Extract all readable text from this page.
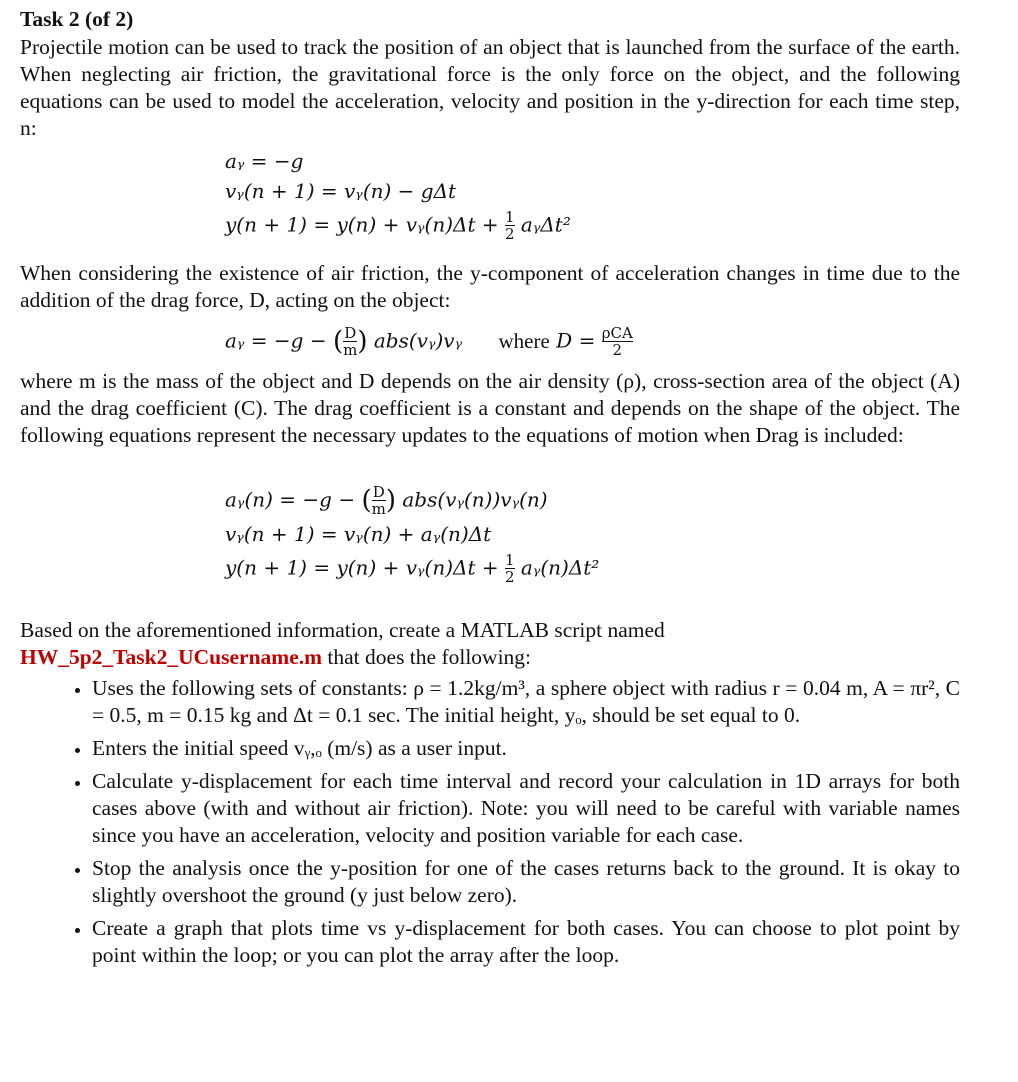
Task 2 (of 2)

Projectile motion can be used to track the position of an object that is launched from the surface of the earth. When neglecting air friction, the gravitational force is the only force on the object, and the following equations can be used to model the acceleration, velocity and position in the y-direction for each time step, n:

aᵧ = −g
vᵧ(n + 1) = vᵧ(n) − gΔt
y(n + 1) = y(n) + vᵧ(n)Δt + $\frac{1}{2}$ aᵧΔt²

When considering the existence of air friction, the y-component of acceleration changes in time due to the addition of the drag force, D, acting on the object:

aᵧ = −g − ( $\frac{D}{m}$ ) abs(vᵧ)vᵧ where $D = \frac{\text{ρCA}}{2}$

where m is the mass of the object and D depends on the air density (ρ), cross-section area of the object (A) and the drag coefficient (C). The drag coefficient is a constant and depends on the shape of the object. The following equations represent the necessary updates to the equations of motion when Drag is included:

aᵧ(n) = −g − ( $\frac{D}{m}$ ) abs(vᵧ(n))vᵧ(n)
vᵧ(n + 1) = vᵧ(n) + aᵧ(n)Δt
y(n + 1) = y(n) + vᵧ(n)Δt + $\frac{1}{2}$ aᵧ(n)Δt²

Based on the aforementioned information, create a MATLAB script named
HW_5p2_Task2_UCusername.m that does the following:

• Uses the following sets of constants: ρ = 1.2kg/m³, a sphere object with radius r = 0.04 m, A = πr², C = 0.5, m = 0.15 kg and Δt = 0.1 sec. The initial height, yₒ, should be set equal to 0.
• Enters the initial speed vᵧ,ₒ (m/s) as a user input.
• Calculate y-displacement for each time interval and record your calculation in 1D arrays for both cases above (with and without air friction). Note: you will need to be careful with variable names since you have an acceleration, velocity and position variable for each case.
• Stop the analysis once the y-position for one of the cases returns back to the ground. It is okay to slightly overshoot the ground (y just below zero).
• Create a graph that plots time vs y-displacement for both cases. You can choose to plot point by point within the loop; or you can plot the array after the loop.
